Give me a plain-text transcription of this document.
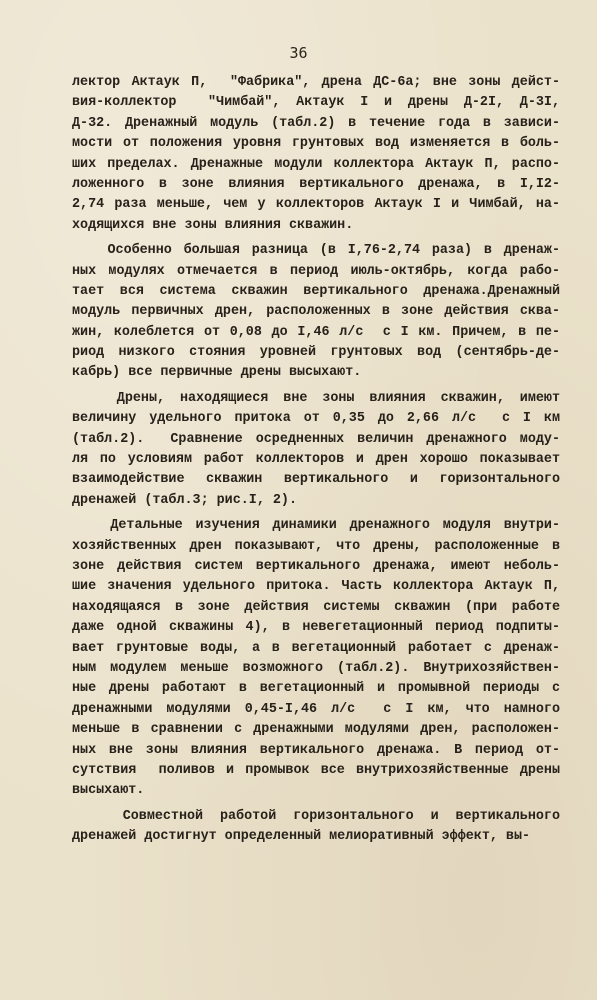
36
лектор Актаук П,  "Фабрика", дрена ДС-6а; вне зоны дейст-
вия-коллектор  "Чимбай", Актаук I и дрены Д-2I, Д-3I,
Д-32. Дренажный модуль (табл.2) в течение года в зависи-
мости от положения уровня грунтовых вод изменяется в боль-
ших пределах. Дренажные модули коллектора Актаук П, распо-
ложенного в зоне влияния вертикального дренажа, в I,I2-
2,74 раза меньше, чем у коллекторов Актаук I и Чимбай, на-
ходящихся вне зоны влияния скважин.
Особенно большая разница (в I,76-2,74 раза) в дренаж-
ных модулях отмечается в период июль-октябрь, когда рабо-
тает вся система скважин вертикального дренажа.Дренажный
модуль первичных дрен, расположенных в зоне действия сква-
жин, колеблется от 0,08 до I,46 л/с  с I км. Причем, в пе-
риод низкого стояния уровней грунтовых вод (сентябрь-де-
кабрь) все первичные дрены высыхают.
Дрены, находящиеся вне зоны влияния скважин, имеют
величину удельного притока от 0,35 до 2,66 л/с  с I км
(табл.2).  Сравнение осредненных величин дренажного моду-
ля по условиям работ коллекторов и дрен хорошо показывает
взаимодействие скважин вертикального и горизонтального
дренажей (табл.3; рис.I, 2).
Детальные изучения динамики дренажного модуля внутри-
хозяйственных дрен показывают, что дрены, расположенные в
зоне действия систем вертикального дренажа, имеют неболь-
шие значения удельного притока. Часть коллектора Актаук П,
находящаяся в зоне действия системы скважин (при работе
даже одной скважины 4), в невегетационный период подпиты-
вает грунтовые воды, а в вегетационный работает с дренаж-
ным модулем меньше возможного (табл.2). Внутрихозяйствен-
ные дрены работают в вегетационный и промывной периоды с
дренажными модулями 0,45-I,46 л/с  с I км, что намного
меньше в сравнении с дренажными модулями дрен, расположен-
ных вне зоны влияния вертикального дренажа. В период от-
сутствия  поливов и промывок все внутрихозяйственные дрены
высыхают.
Совместной работой горизонтального и вертикального
дренажей достигнут определенный мелиоративный эффект, вы-
